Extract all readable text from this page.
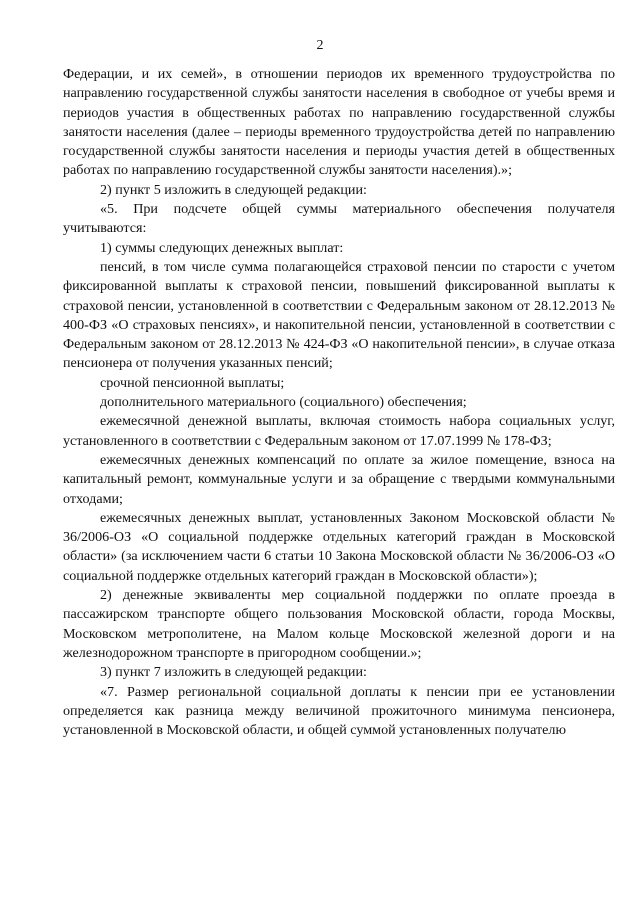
2

Федерации, и их семей», в отношении периодов их временного трудоустройства по направлению государственной службы занятости населения в свободное от учебы время и периодов участия в общественных работах по направлению государственной службы занятости населения (далее – периоды временного трудоустройства детей по направлению государственной службы занятости населения и периоды участия детей в общественных работах по направлению государственной службы занятости населения).»;

2) пункт 5 изложить в следующей редакции:

«5. При подсчете общей суммы материального обеспечения получателя учитываются:

1) суммы следующих денежных выплат:

пенсий, в том числе сумма полагающейся страховой пенсии по старости с учетом фиксированной выплаты к страховой пенсии, повышений фиксированной выплаты к страховой пенсии, установленной в соответствии с Федеральным законом от 28.12.2013 № 400-ФЗ «О страховых пенсиях», и накопительной пенсии, установленной в соответствии с Федеральным законом от 28.12.2013 № 424-ФЗ «О накопительной пенсии», в случае отказа пенсионера от получения указанных пенсий;

срочной пенсионной выплаты;

дополнительного материального (социального) обеспечения;

ежемесячной денежной выплаты, включая стоимость набора социальных услуг, установленного в соответствии с Федеральным законом от 17.07.1999 № 178-ФЗ;

ежемесячных денежных компенсаций по оплате за жилое помещение, взноса на капитальный ремонт, коммунальные услуги и за обращение с твердыми коммунальными отходами;

ежемесячных денежных выплат, установленных Законом Московской области № 36/2006-ОЗ «О социальной поддержке отдельных категорий граждан в Московской области» (за исключением части 6 статьи 10 Закона Московской области № 36/2006-ОЗ «О социальной поддержке отдельных категорий граждан в Московской области»);

2) денежные эквиваленты мер социальной поддержки по оплате проезда в пассажирском транспорте общего пользования Московской области, города Москвы, Московском метрополитене, на Малом кольце Московской железной дороги и на железнодорожном транспорте в пригородном сообщении.»;

3) пункт 7 изложить в следующей редакции:

«7. Размер региональной социальной доплаты к пенсии при ее установлении определяется как разница между величиной прожиточного минимума пенсионера, установленной в Московской области, и общей суммой установленных получателю
